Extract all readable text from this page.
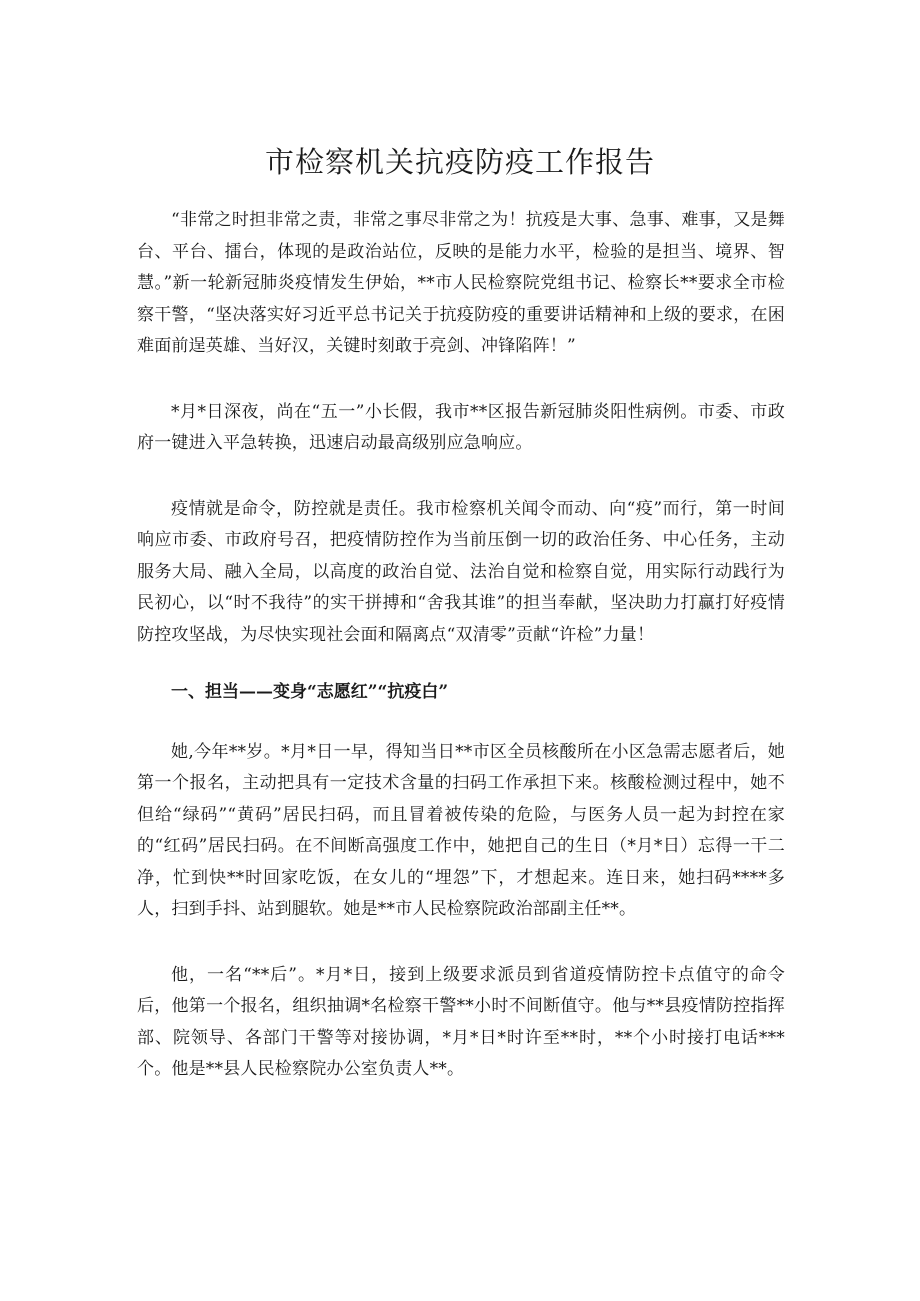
市检察机关抗疫防疫工作报告

“非常之时担非常之责，非常之事尽非常之为！抗疫是大事、急事、难事，又是舞台、平台、擂台，体现的是政治站位，反映的是能力水平，检验的是担当、境界、智慧。”新一轮新冠肺炎疫情发生伊始，**市人民检察院党组书记、检察长**要求全市检察干警，“坚决落实好习近平总书记关于抗疫防疫的重要讲话精神和上级的要求，在困难面前逞英雄、当好汉，关键时刻敢于亮剑、冲锋陷阵！”

*月*日深夜，尚在“五一”小长假，我市**区报告新冠肺炎阳性病例。市委、市政府一键进入平急转换，迅速启动最高级别应急响应。

疫情就是命令，防控就是责任。我市检察机关闻令而动、向“疫”而行，第一时间响应市委、市政府号召，把疫情防控作为当前压倒一切的政治任务、中心任务，主动服务大局、融入全局，以高度的政治自觉、法治自觉和检察自觉，用实际行动践行为民初心，以“时不我待”的实干拼搏和“舍我其谁”的担当奉献，坚决助力打赢打好疫情防控攻坚战，为尽快实现社会面和隔离点“双清零”贡献“许检”力量！

一、担当——变身“志愿红”“抗疫白”

她,今年**岁。*月*日一早，得知当日**市区全员核酸所在小区急需志愿者后，她第一个报名，主动把具有一定技术含量的扫码工作承担下来。核酸检测过程中，她不但给“绿码”“黄码”居民扫码，而且冒着被传染的危险，与医务人员一起为封控在家的“红码”居民扫码。在不间断高强度工作中，她把自己的生日（*月*日）忘得一干二净，忙到快**时回家吃饭，在女儿的“埋怨”下，才想起来。连日来，她扫码****多人，扫到手抖、站到腿软。她是**市人民检察院政治部副主任**。

他，一名“**后”。*月*日，接到上级要求派员到省道疫情防控卡点值守的命令后，他第一个报名，组织抽调*名检察干警**小时不间断值守。他与**县疫情防控指挥部、院领导、各部门干警等对接协调，*月*日*时许至**时，**个小时接打电话***个。他是**县人民检察院办公室负责人**。
